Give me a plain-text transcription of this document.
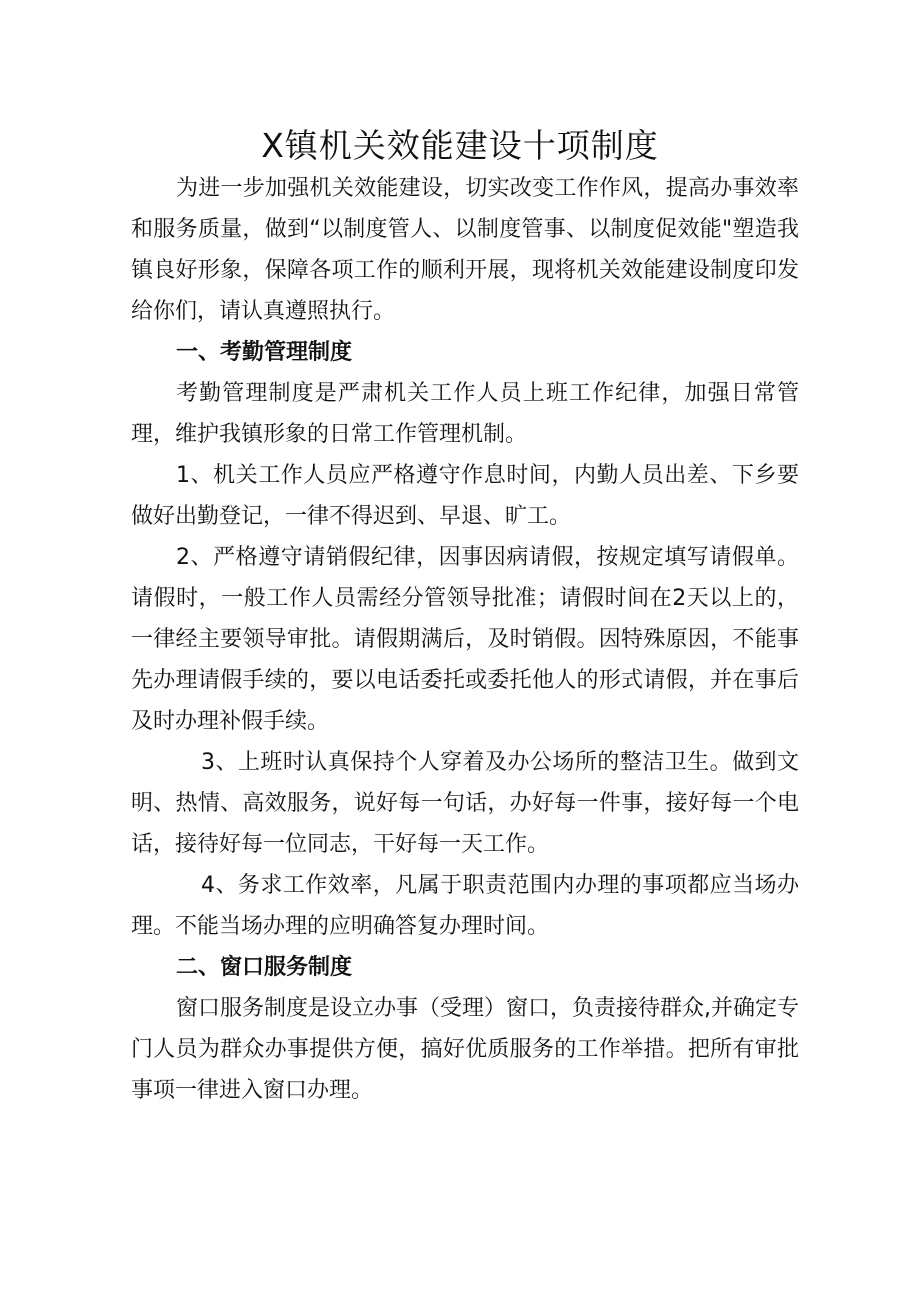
X镇机关效能建设十项制度

为进一步加强机关效能建设，切实改变工作作风，提高办事效率和服务质量，做到“以制度管人、以制度管事、以制度促效能"塑造我镇良好形象，保障各项工作的顺利开展，现将机关效能建设制度印发给你们，请认真遵照执行。

一、考勤管理制度

考勤管理制度是严肃机关工作人员上班工作纪律，加强日常管理，维护我镇形象的日常工作管理机制。

1、机关工作人员应严格遵守作息时间，内勤人员出差、下乡要做好出勤登记，一律不得迟到、早退、旷工。

2、严格遵守请销假纪律，因事因病请假，按规定填写请假单。请假时，一般工作人员需经分管领导批准；请假时间在2天以上的，一律经主要领导审批。请假期满后，及时销假。因特殊原因，不能事先办理请假手续的，要以电话委托或委托他人的形式请假，并在事后及时办理补假手续。

3、上班时认真保持个人穿着及办公场所的整洁卫生。做到文明、热情、高效服务，说好每一句话，办好每一件事，接好每一个电话，接待好每一位同志，干好每一天工作。

4、务求工作效率，凡属于职责范围内办理的事项都应当场办理。不能当场办理的应明确答复办理时间。

二、窗口服务制度

窗口服务制度是设立办事（受理）窗口，负责接待群众,并确定专门人员为群众办事提供方便，搞好优质服务的工作举措。把所有审批事项一律进入窗口办理。
